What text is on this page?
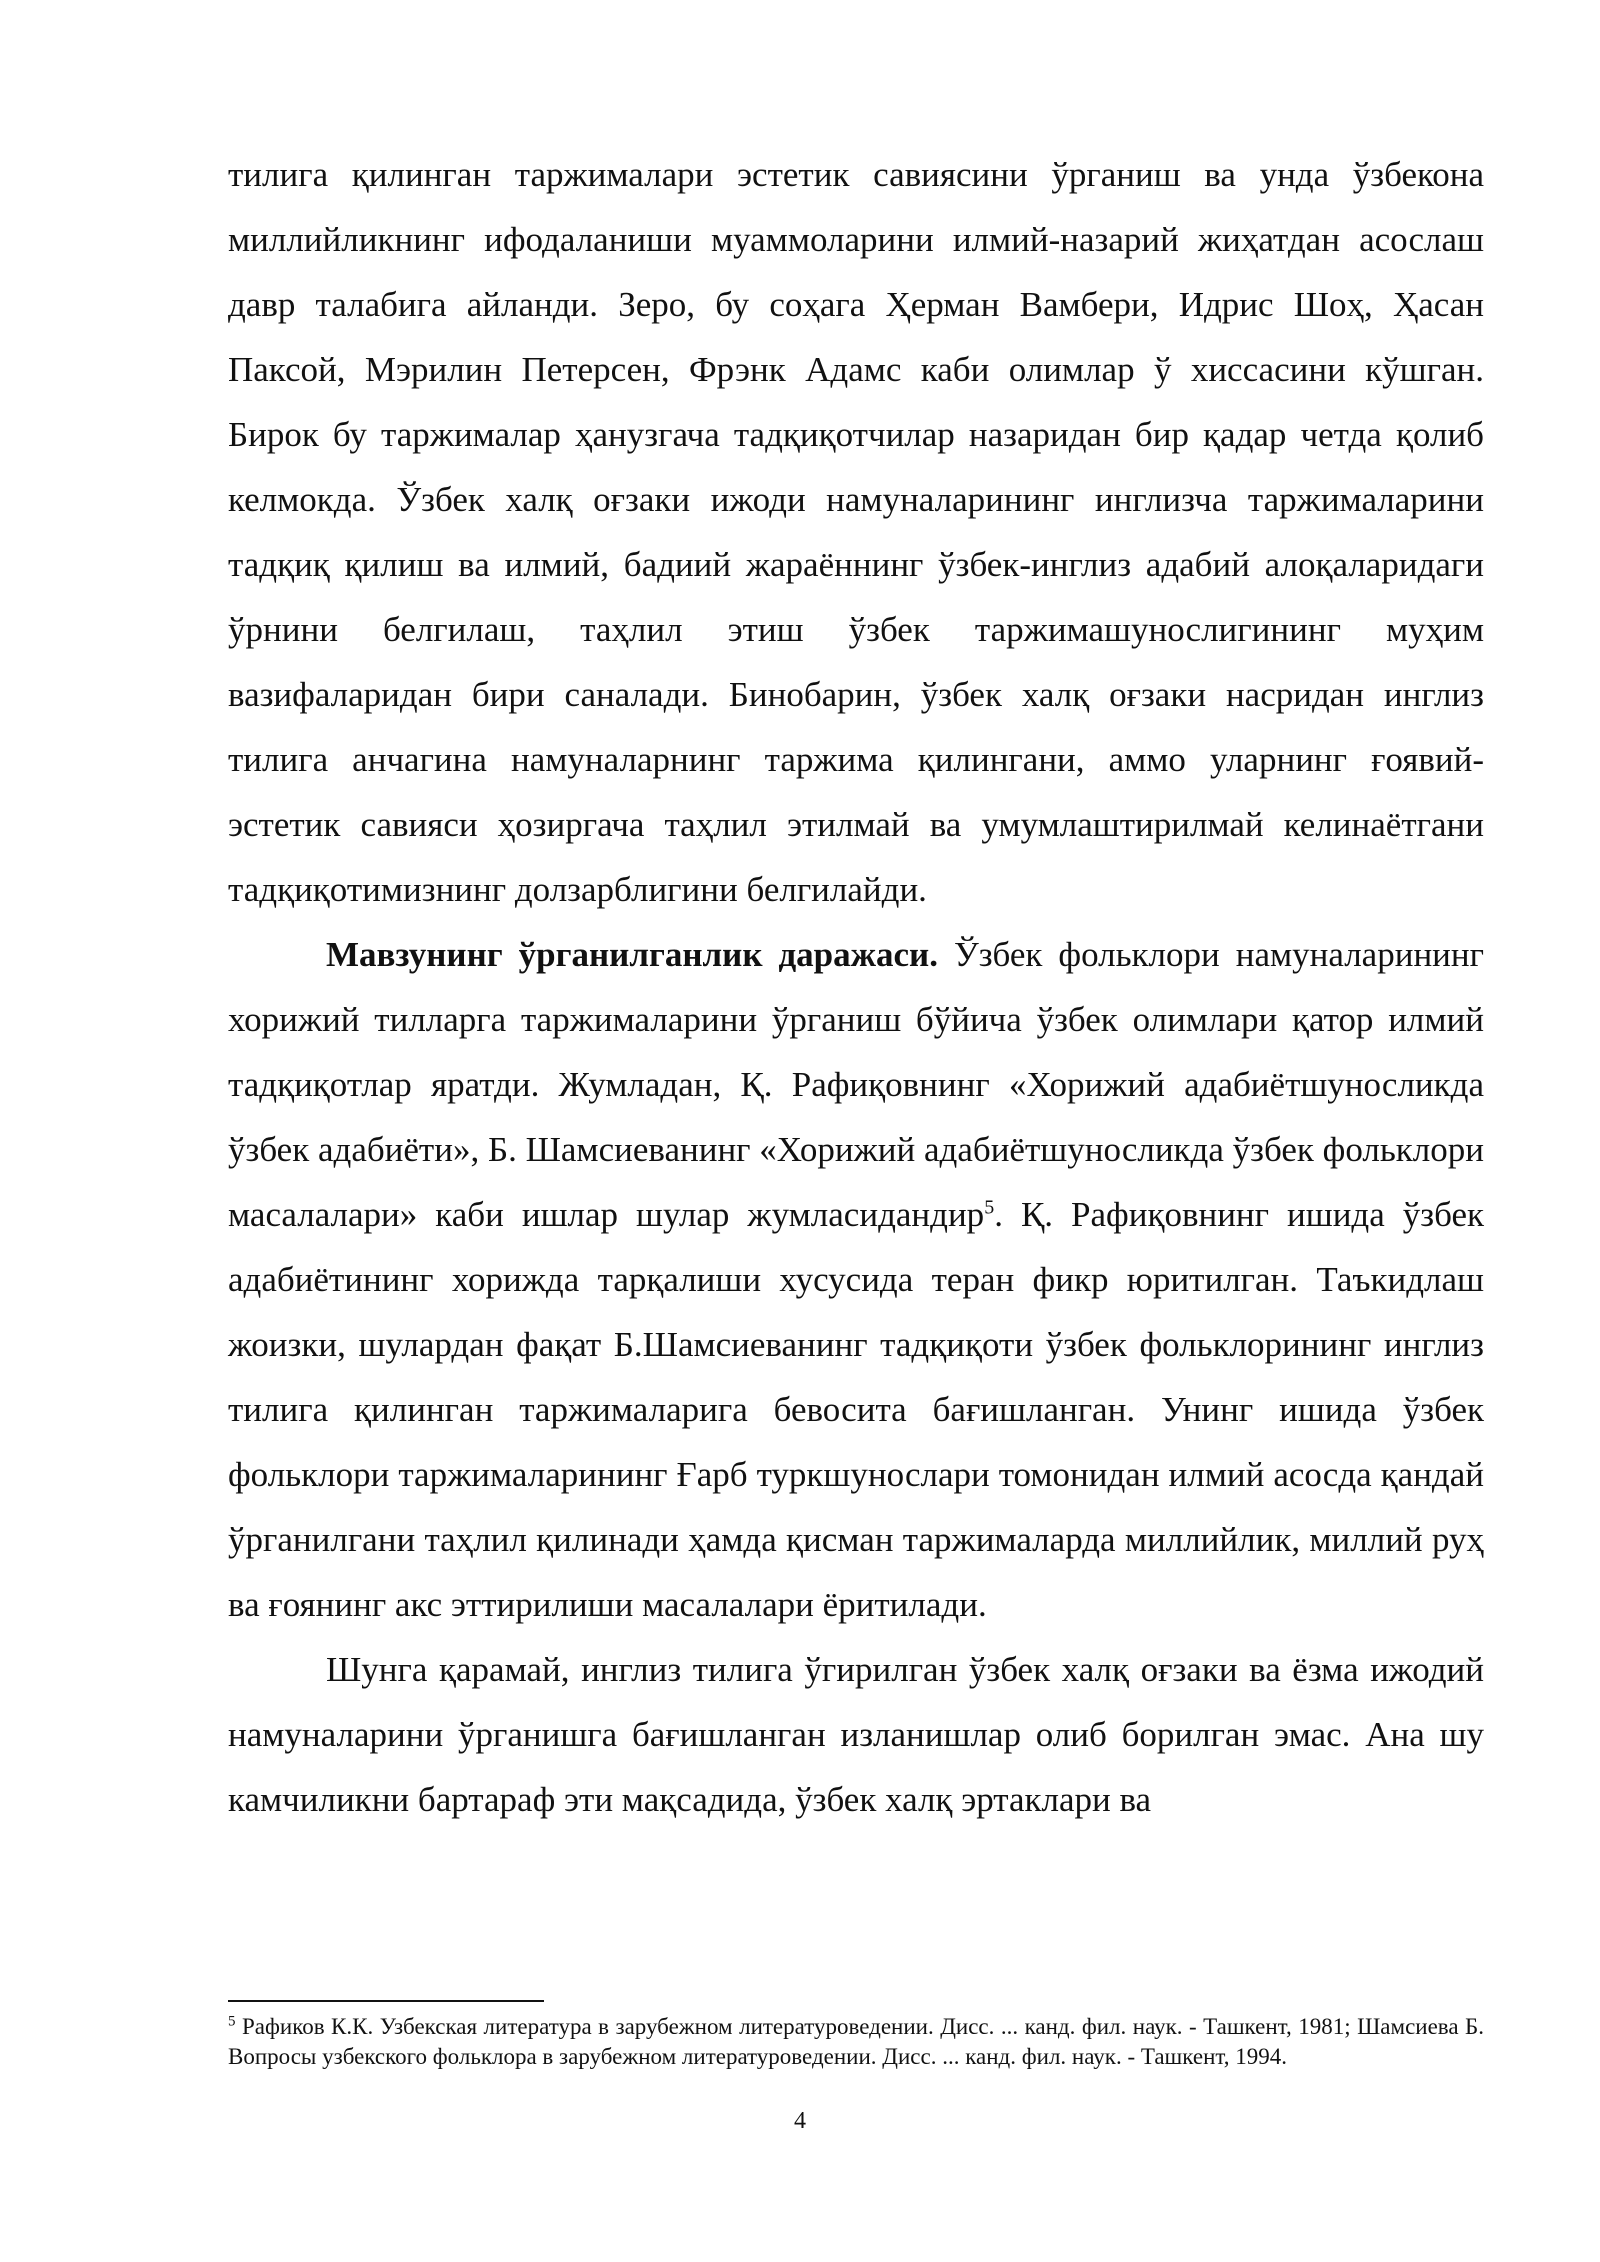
тилига қилинган таржималари эстетик савиясини ўрганиш ва унда ўзбекона миллийликнинг ифодаланиши муаммоларини илмий-назарий жиҳатдан асослаш давр талабига айланди. Зеро, бу соҳага Ҳерман Вамбери, Идрис Шоҳ, Ҳасан Паксой, Мэрилин Петерсен, Фрэнк Адамс каби олимлар ў хиссасини кўшган. Бирок бу таржималар ҳанузгача тадқиқотчилар назаридан бир қадар четда қолиб келмокда. Ўзбек халқ оғзаки ижоди намуналарининг инглизча таржималарини тадқиқ қилиш ва илмий, бадиий жараённинг ўзбек-инглиз адабий алоқаларидаги ўрнини белгилаш, таҳлил этиш ўзбек таржимашунослигининг муҳим вазифаларидан бири саналади. Бинобарин, ўзбек халқ оғзаки насридан инглиз тилига анчагина намуналарнинг таржима қилингани, аммо уларнинг ғоявий-эстетик савияси ҳозиргача таҳлил этилмай ва умумлаштирилмай келинаётгани тадқиқотимизнинг долзарблигини белгилайди.

Мавзунинг ўрганилганлик даражаси. Ўзбек фольклори намуналарининг хорижий тилларга таржималарини ўрганиш бўйича ўзбек олимлари қатор илмий тадқиқотлар яратди. Жумладан, Қ. Рафиқовнинг «Хорижий адабиётшуносликда ўзбек адабиёти», Б. Шамсиеванинг «Хорижий адабиётшуносликда ўзбек фольклори масалалари» каби ишлар шулар жумласидандир$^5$. Қ. Рафиқовнинг ишида ўзбек адабиётининг хорижда тарқалиши хусусида теран фикр юритилган. Таъкидлаш жоизки, шулардан фақат Б.Шамсиеванинг тадқиқоти ўзбек фольклорининг инглиз тилига қилинган таржималарига бевосита бағишланган. Унинг ишида ўзбек фольклори таржималарининг Ғарб туркшунослари томонидан илмий асосда қандай ўрганилгани таҳлил қилинади ҳамда қисман таржималарда миллийлик, миллий руҳ ва ғоянинг акс эттирилиши масалалари ёритилади.

Шунга қарамай, инглиз тилига ўгирилган ўзбек халқ оғзаки ва ёзма ижодий намуналарини ўрганишга бағишланган изланишлар олиб борилган эмас. Ана шу камчиликни бартараф эти мақсадида, ўзбек халқ эртаклари ва

$^5$ Рафиков К.К. Узбекская литература в зарубежном литературоведении. Дисс. ... канд. фил. наук. - Ташкент, 1981; Шамсиева Б. Вопросы узбекского фольклора в зарубежном литературоведении. Дисс. ... канд. фил. наук. - Ташкент, 1994.
4
